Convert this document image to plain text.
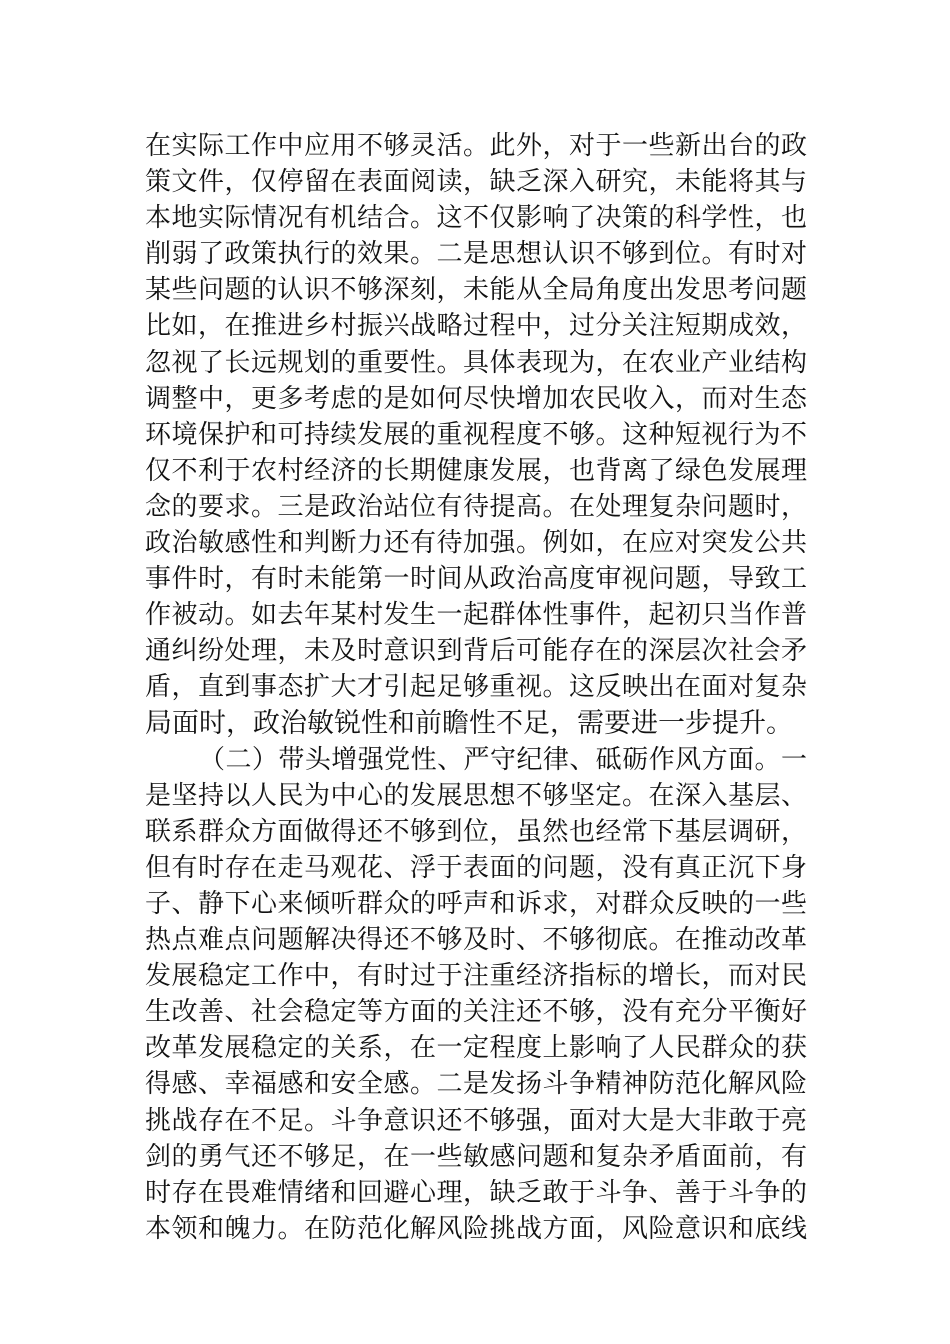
在实际工作中应用不够灵活。此外，对于一些新出台的政
策文件，仅停留在表面阅读，缺乏深入研究，未能将其与
本地实际情况有机结合。这不仅影响了决策的科学性，也
削弱了政策执行的效果。二是思想认识不够到位。有时对
某些问题的认识不够深刻，未能从全局角度出发思考问题
比如，在推进乡村振兴战略过程中，过分关注短期成效，
忽视了长远规划的重要性。具体表现为，在农业产业结构
调整中，更多考虑的是如何尽快增加农民收入，而对生态
环境保护和可持续发展的重视程度不够。这种短视行为不
仅不利于农村经济的长期健康发展，也背离了绿色发展理
念的要求。三是政治站位有待提高。在处理复杂问题时，
政治敏感性和判断力还有待加强。例如，在应对突发公共
事件时，有时未能第一时间从政治高度审视问题，导致工
作被动。如去年某村发生一起群体性事件，起初只当作普
通纠纷处理，未及时意识到背后可能存在的深层次社会矛
盾，直到事态扩大才引起足够重视。这反映出在面对复杂
局面时，政治敏锐性和前瞻性不足，需要进一步提升。
（二）带头增强党性、严守纪律、砥砺作风方面。一
是坚持以人民为中心的发展思想不够坚定。在深入基层、
联系群众方面做得还不够到位，虽然也经常下基层调研，
但有时存在走马观花、浮于表面的问题，没有真正沉下身
子、静下心来倾听群众的呼声和诉求，对群众反映的一些
热点难点问题解决得还不够及时、不够彻底。在推动改革
发展稳定工作中，有时过于注重经济指标的增长，而对民
生改善、社会稳定等方面的关注还不够，没有充分平衡好
改革发展稳定的关系，在一定程度上影响了人民群众的获
得感、幸福感和安全感。二是发扬斗争精神防范化解风险
挑战存在不足。斗争意识还不够强，面对大是大非敢于亮
剑的勇气还不够足，在一些敏感问题和复杂矛盾面前，有
时存在畏难情绪和回避心理，缺乏敢于斗争、善于斗争的
本领和魄力。在防范化解风险挑战方面，风险意识和底线
